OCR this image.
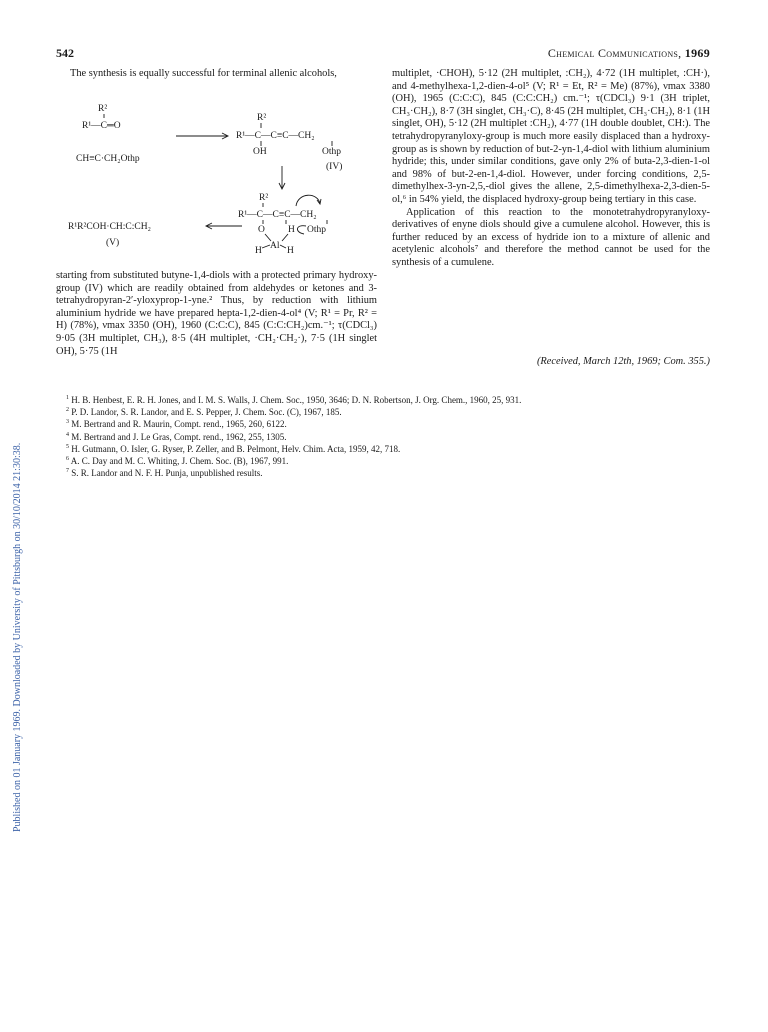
Published on 01 January 1969. Downloaded by University of Pittsburgh on 30/10/2014 21:30:38.
542	Chemical Communications, 1969

The synthesis is equally successful for terminal allenic alcohols,

R²
R¹—C═O
CH≡C·CH₂Othp
R²
R¹—C—C≡C—CH₂
OH	Othp
(IV)
R²
R¹—C—C≡C—CH₂
O H Othp
Al
H	H
R¹R²COH·CH:C:CH₂
(V)

starting from substituted butyne-1,4-diols with a protected primary hydroxy-group (IV) which are readily obtained from aldehydes or ketones and 3-tetrahydropyran-2′-yloxyprop-1-yne.² Thus, by reduction with lithium aluminium hydride we have prepared hepta-1,2-dien-4-ol⁴ (V; R¹ = Pr, R² = H) (78%), νmax 3350 (OH), 1960 (C:C:C), 845 (C:C:CH₂)cm.⁻¹; τ(CDCl₃) 9·05 (3H multiplet, CH₃), 8·5 (4H multiplet, ·CH₂·CH₂·), 7·5 (1H singlet OH), 5·75 (1H

multiplet, ·CHOH), 5·12 (2H multiplet, :CH₂), 4·72 (1H multiplet, :CH·), and 4-methylhexa-1,2-dien-4-ol⁵ (V; R¹ = Et, R² = Me) (87%), νmax 3380 (OH), 1965 (C:C:C), 845 (C:C:CH₂) cm.⁻¹; τ(CDCl₃) 9·1 (3H triplet, CH₃·CH₂), 8·7 (3H singlet, CH₃·C), 8·45 (2H multiplet, CH₃·CH₂), 8·1 (1H singlet, OH), 5·12 (2H multiplet :CH₂), 4·77 (1H double doublet, CH:). The tetrahydropyranyloxy-group is much more easily displaced than a hydroxy-group as is shown by reduction of but-2-yn-1,4-diol with lithium aluminium hydride; this, under similar conditions, gave only 2% of buta-2,3-dien-1-ol and 98% of but-2-en-1,4-diol. However, under forcing conditions, 2,5-dimethylhex-3-yn-2,5,-diol gives the allene, 2,5-dimethylhexa-2,3-dien-5-ol,⁶ in 54% yield, the displaced hydroxy-group being tertiary in this case.

Application of this reaction to the monotetrahydropyranyloxy-derivatives of enyne diols should give a cumulene alcohol. However, this is further reduced by an excess of hydride ion to a mixture of allenic and acetylenic alcohols⁷ and therefore the method cannot be used for the synthesis of a cumulene.

(Received, March 12th, 1969; Com. 355.)
$^1$ H. B. Henbest, E. R. H. Jones, and I. M. S. Walls, J. Chem. Soc., 1950, 3646; D. N. Robertson, J. Org. Chem., 1960, 25, 931.
$^2$ P. D. Landor, S. R. Landor, and E. S. Pepper, J. Chem. Soc. (C), 1967, 185.
$^3$ M. Bertrand and R. Maurin, Compt. rend., 1965, 260, 6122.
$^4$ M. Bertrand and J. Le Gras, Compt. rend., 1962, 255, 1305.
$^5$ H. Gutmann, O. Isler, G. Ryser, P. Zeller, and B. Pelmont, Helv. Chim. Acta, 1959, 42, 718.
$^6$ A. C. Day and M. C. Whiting, J. Chem. Soc. (B), 1967, 991.
$^7$ S. R. Landor and N. F. H. Punja, unpublished results.
